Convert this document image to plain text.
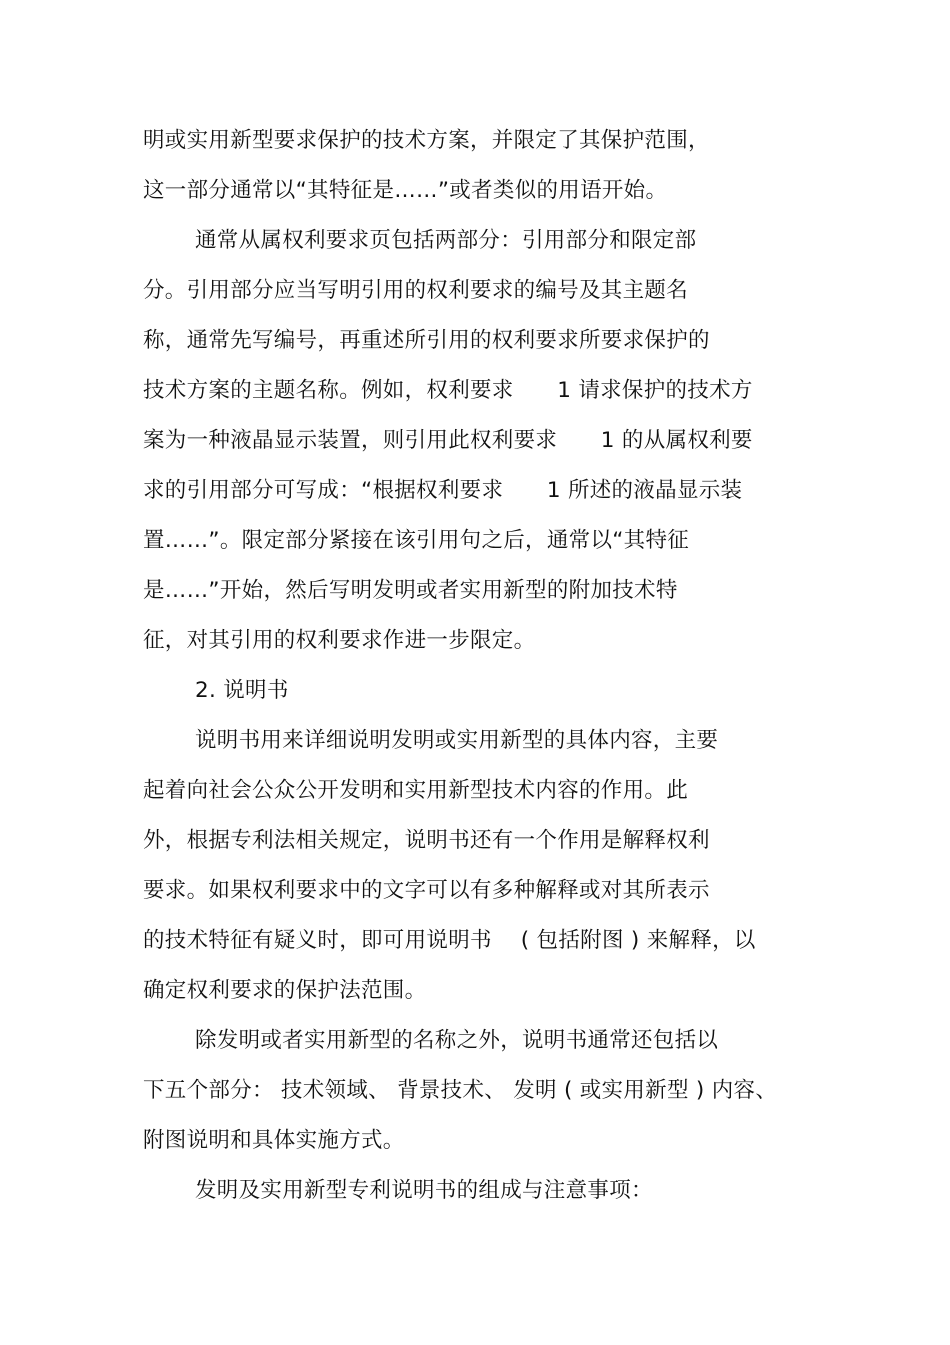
明或实用新型要求保护的技术方案，并限定了其保护范围，
这一部分通常以“其特征是……”或者类似的用语开始。
通常从属权利要求页包括两部分：引用部分和限定部
分。引用部分应当写明引用的权利要求的编号及其主题名
称，通常先写编号，再重述所引用的权利要求所要求保护的
技术方案的主题名称。例如，权利要求　　1 请求保护的技术方
案为一种液晶显示装置，则引用此权利要求　　1 的从属权利要
求的引用部分可写成：“根据权利要求　　1 所述的液晶显示装
置……”。限定部分紧接在该引用句之后，通常以“其特征
是……”开始，然后写明发明或者实用新型的附加技术特
征，对其引用的权利要求作进一步限定。
2. 说明书
说明书用来详细说明发明或实用新型的具体内容，主要
起着向社会公众公开发明和实用新型技术内容的作用。此
外，根据专利法相关规定，说明书还有一个作用是解释权利
要求。如果权利要求中的文字可以有多种解释或对其所表示
的技术特征有疑义时，即可用说明书　 ( 包括附图 ) 来解释，以
确定权利要求的保护法范围。
除发明或者实用新型的名称之外，说明书通常还包括以
下五个部分： 技术领域、 背景技术、 发明 ( 或实用新型 ) 内容、
附图说明和具体实施方式。
发明及实用新型专利说明书的组成与注意事项：
